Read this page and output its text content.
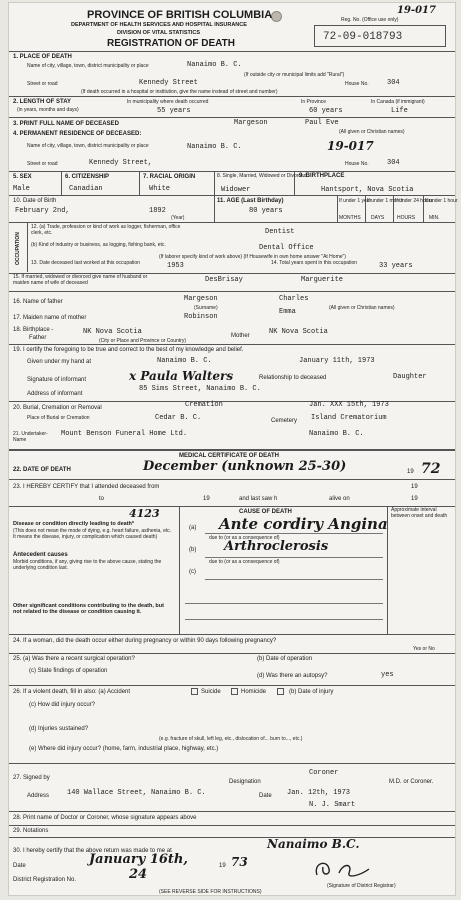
PROVINCE OF BRITISH COLUMBIA
DEPARTMENT OF HEALTH SERVICES AND HOSPITAL INSURANCE
DIVISION OF VITAL STATISTICS
REGISTRATION OF DEATH
Reg. No. (Office use only)
19-017
72-09-018793
1. PLACE OF DEATH
Name of city, village, town, district municipality or place	Nanaimo B. C.
(If outside city or municipal limits add "Rural")
Street or road	Kennedy Street	House No.	304
(If death occurred in a hospital or institution, give the name instead of street and number)
2. LENGTH OF STAY
(in years, months and days)
In municipality where death occurred
55 years
In Province
60 years
In Canada (if immigrant)
Life
3. PRINT FULL NAME OF DECEASED	Margeson	Paul Eve
(All given or Christian names)
4. PERMANENT RESIDENCE OF DECEASED:
Name of city, village, town, district municipality or place	Nanaimo B. C.	19-017
Street or road	Kennedy Street,	House No.	304
5. SEX
Male
6. CITIZENSHIP
Canadian
7. RACIAL ORIGIN
White
8. Single, Married, Widowed or Divorced
Widower
9. BIRTHPLACE
Hantsport, Nova Scotia
10. Date of Birth
February 2nd,	1892
(Year)
11. AGE (Last Birthday)
80 years
If under 1 year
If under 1 month
If under 24 hours
If under 1 hour
MONTHS DAYS	HOURS	MIN.
OCCUPATION
12. (a) Trade, profession or kind of work as logger, fisherman, office clerk, etc.	Dentist
(b) Kind of industry or business, as logging, fishing bank, etc.	Dental Office
(If laborer specify kind of work above) (If Housewife in own home answer "At Home")
13. Date deceased last worked at this occupation	1953	14. Total years spent in this occupation	33 years
15. If married, widowed or divorced give name of husband or maiden name of wife of deceased	DesBrisay	Marguerite
16. Name of father	Margeson	Charles
(Surname)	(All given or Christian names)
17. Maiden name of mother	Robinson
Emma
18. Birthplace -
Father
NK Nova Scotia	Mother	NK Nova Scotia
(City or Place and Province or Country)
19. I certify the foregoing to be true and correct to the best of my knowledge and belief.
Given under my hand at	Nanaimo B. C.	January 11th, 1973
Signature of informant	x Paula Walters	Relationship to deceased	Daughter
Address of informant
85 Sims Street, Nanaimo B. C.
20. Burial, Cremation or Removal	Cremation	Jan. XXX 15th, 1973
Place of Burial or Cremation	Cedar B. C.	Cemetery Island Crematorium
21. Undertaker- Name
Mount Benson Funeral Home Ltd.	Nanaimo B. C.
MEDICAL CERTIFICATE OF DEATH
22. DATE OF DEATH	December (unknown 25-30)	19 72
23. I HEREBY CERTIFY that I attended deceased from	19
to	19	and last saw h	alive on	19
4123	CAUSE OF DEATH	Approximate interval between onset and death
Disease or condition directly leading to death*
(This does not mean the mode of dying, e.g. heart failure, asthenia, etc. It means the disease, injury, or complication which caused death)
Antecedent causes
Morbid conditions, if any, giving rise to the above cause, stating the underlying condition last.
Other significant conditions contributing to the death, but not related to the disease or condition causing it.
(a) Ante cordiry Angina
due to (or as a consequence of)
(b) Arthroclerosis
due to (or as a consequence of)
(c)
24. If a woman, did the death occur either during pregnancy or within 90 days following pregnancy?
Yes or No
25. (a) Was there a recent surgical operation?	(b) Date of operation
(c) State findings of operation
(d) Was there an autopsy?	yes
26. If a violent death, fill in also: (a) Accident	Suicide	Homicide	(b) Date of injury
(c) How did injury occur?
(d) Injuries sustained?
(e.g. fracture of skull, left leg, etc., dislocation of... burn to..., etc.)
(e) Where did injury occur? (home, farm, industrial place, highway, etc.)
27. Signed by
Designation
Coroner
M.D. or Coroner.
Address	140 Wallace Street, Nanaimo B. C.	Date Jan. 12th, 1973
N. J. Smart
28. Print name of Doctor or Coroner, whose signature appears above
29. Notations
30. I hereby certify that the above return was made to me at	Nanaimo B.C.
Date	January 16th,	19 73
District Registration No.	24
(Signature of District Registrar)
(SEE REVERSE SIDE FOR INSTRUCTIONS)
